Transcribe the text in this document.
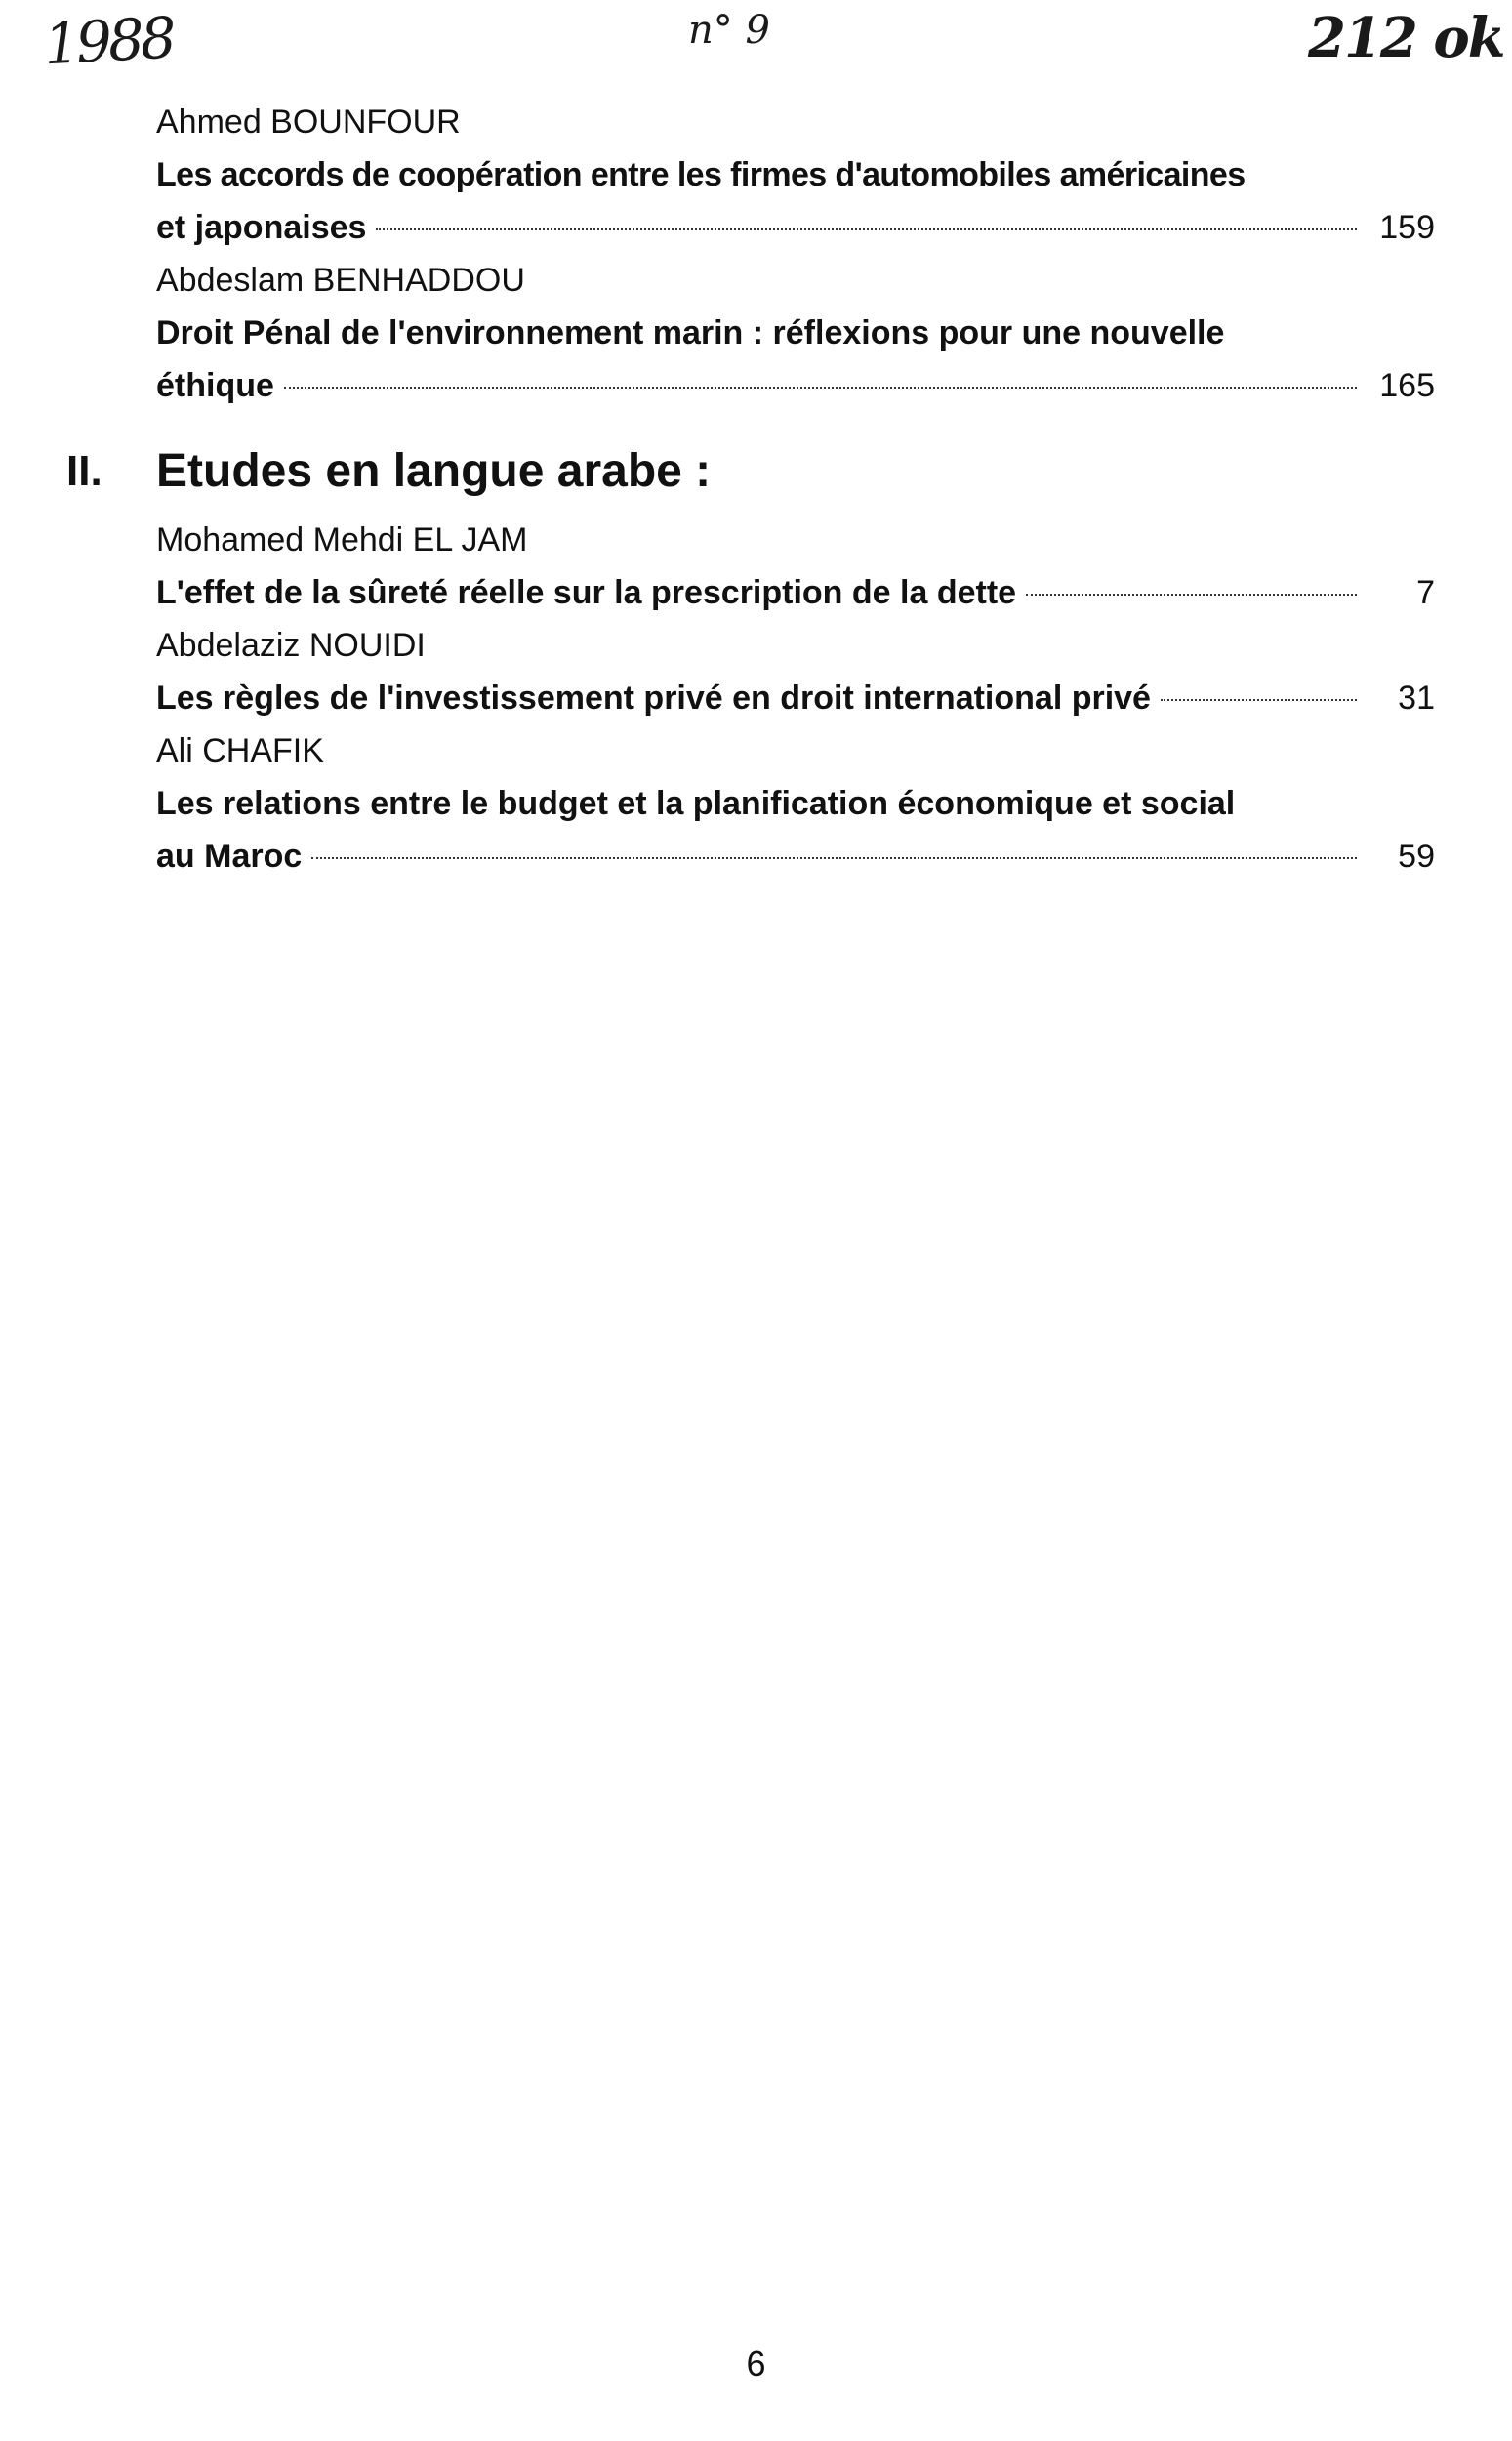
1988	n° 9	212 ok
Ahmed BOUNFOUR
Les accords de coopération entre les firmes d'automobiles américaines
et japonaises	159
Abdeslam BENHADDOU
Droit Pénal de l'environnement marin : réflexions pour une nouvelle
éthique	165
II. Etudes en langue arabe :
Mohamed Mehdi EL JAM
L'effet de la sûreté réelle sur la prescription de la dette	7
Abdelaziz NOUIDI
Les règles de l'investissement privé en droit international privé	31
Ali CHAFIK
Les relations entre le budget et la planification économique et social
au Maroc	59
6
